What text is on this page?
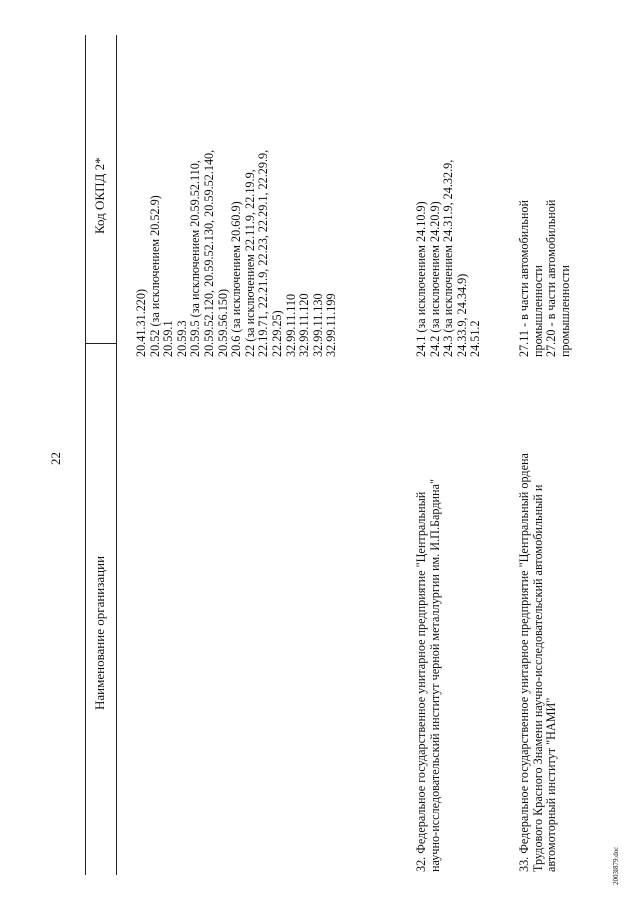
22
Наименование организации
Код ОКПД 2*
20.41.31.220) 20.52 (за исключением 20.52.9) 20.59.1 20.59.3 20.59.5 (за исключением 20.59.52.110, 20.59.52.120, 20.59.52.130, 20.59.52.140, 20.59.56.150) 20.6 (за исключением 20.60.9) 22 (за исключением 22.11.9, 22.19.9, 22.19.71, 22.21.9, 22.23, 22.29.1, 22.29.9, 22.29.25) 32.99.11.110 32.99.11.120 32.99.11.130 32.99.11.199
32. Федеральное государственное унитарное предприятие "Центральный научно-исследовательский институт черной металлургии им. И.П.Бардина"
24.1 (за исключением 24.10.9) 24.2 (за исключением 24.20.9) 24.3 (за исключением 24.31.9, 24.32.9, 24.33.9, 24.34.9) 24.51.2
33. Федеральное государственное унитарное предприятие "Центральный ордена Трудового Красного Знамени научно-исследовательский автомобильный и автомоторный институт "НАМИ"
27.11 - в части автомобильной промышленности 27.20 - в части автомобильной промышленности
2003l879.doc
